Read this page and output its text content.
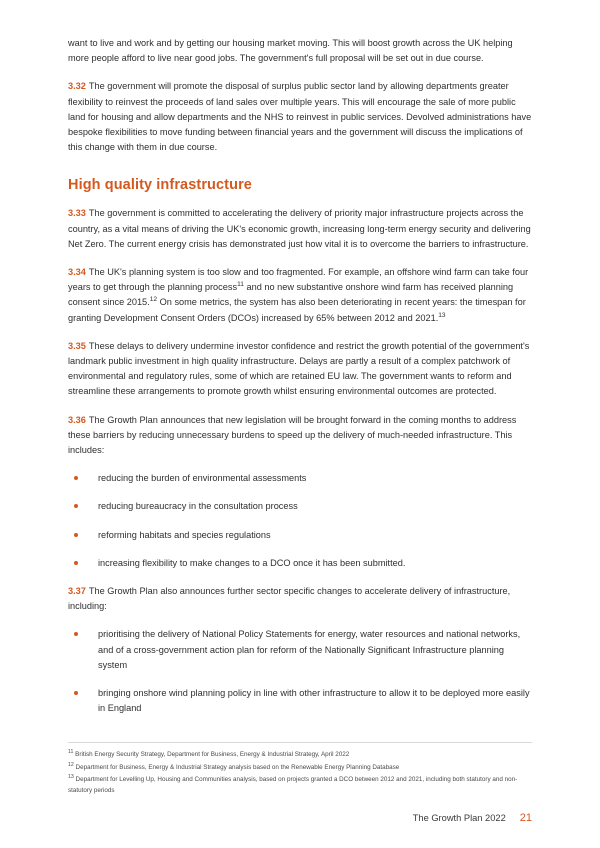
want to live and work and by getting our housing market moving. This will boost growth across the UK helping more people afford to live near good jobs. The government's full proposal will be set out in due course.

3.32 The government will promote the disposal of surplus public sector land by allowing departments greater flexibility to reinvest the proceeds of land sales over multiple years. This will encourage the sale of more public land for housing and allow departments and the NHS to reinvest in public services. Devolved administrations have bespoke flexibilities to move funding between financial years and the government will discuss the implications of this change with them in due course.

High quality infrastructure

3.33 The government is committed to accelerating the delivery of priority major infrastructure projects across the country, as a vital means of driving the UK's economic growth, increasing long-term energy security and delivering Net Zero. The current energy crisis has demonstrated just how vital it is to overcome the barriers to infrastructure.

3.34 The UK's planning system is too slow and too fragmented. For example, an offshore wind farm can take four years to get through the planning process$^{11}$ and no new substantive onshore wind farm has received planning consent since 2015.12 On some metrics, the system has also been deteriorating in recent years: the timespan for granting Development Consent Orders (DCOs) increased by 65% between 2012 and 2021.13

3.35 These delays to delivery undermine investor confidence and restrict the growth potential of the government's landmark public investment in high quality infrastructure. Delays are partly a result of a complex patchwork of environmental and regulatory rules, some of which are retained EU law. The government wants to reform and streamline these arrangements to promote growth whilst ensuring environmental outcomes are protected.

3.36 The Growth Plan announces that new legislation will be brought forward in the coming months to address these barriers by reducing unnecessary burdens to speed up the delivery of much-needed infrastructure. This includes:

reducing the burden of environmental assessments
reducing bureaucracy in the consultation process
reforming habitats and species regulations
increasing flexibility to make changes to a DCO once it has been submitted.

3.37 The Growth Plan also announces further sector specific changes to accelerate delivery of infrastructure, including:

prioritising the delivery of National Policy Statements for energy, water resources and national networks, and of a cross-government action plan for reform of the Nationally Significant Infrastructure planning system
bringing onshore wind planning policy in line with other infrastructure to allow it to be deployed more easily in England
$^{11}$ British Energy Security Strategy, Department for Business, Energy & Industrial Strategy, April 2022
$^{12}$ Department for Business, Energy & Industrial Strategy analysis based on the Renewable Energy Planning Database
$^{13}$ Department for Levelling Up, Housing and Communities analysis, based on projects granted a DCO between 2012 and 2021, including both statutory and non-statutory periods
The Growth Plan 2022 21
